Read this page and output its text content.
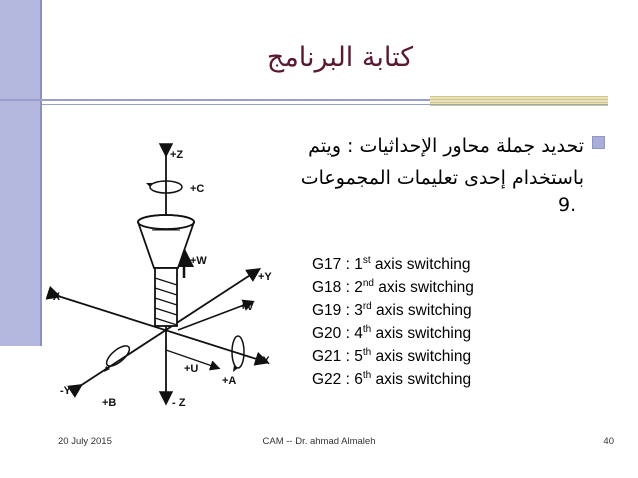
كتابة البرنامج
تحديد جملة محاور الإحداثيات : ويتم باستخدام إحدى تعليمات المجموعات
9.
+Z
+C
+W
+Y
+V
- X
+X
+U
+A
-Y
+B	- Z
G17 : 1st axis switching
G18 : 2nd axis switching
G19 : 3rd axis switching
G20 : 4th axis switching
G21 : 5th axis switching
G22 : 6th axis switching
20 July 2015	CAM -- Dr. ahmad Almaleh	40
